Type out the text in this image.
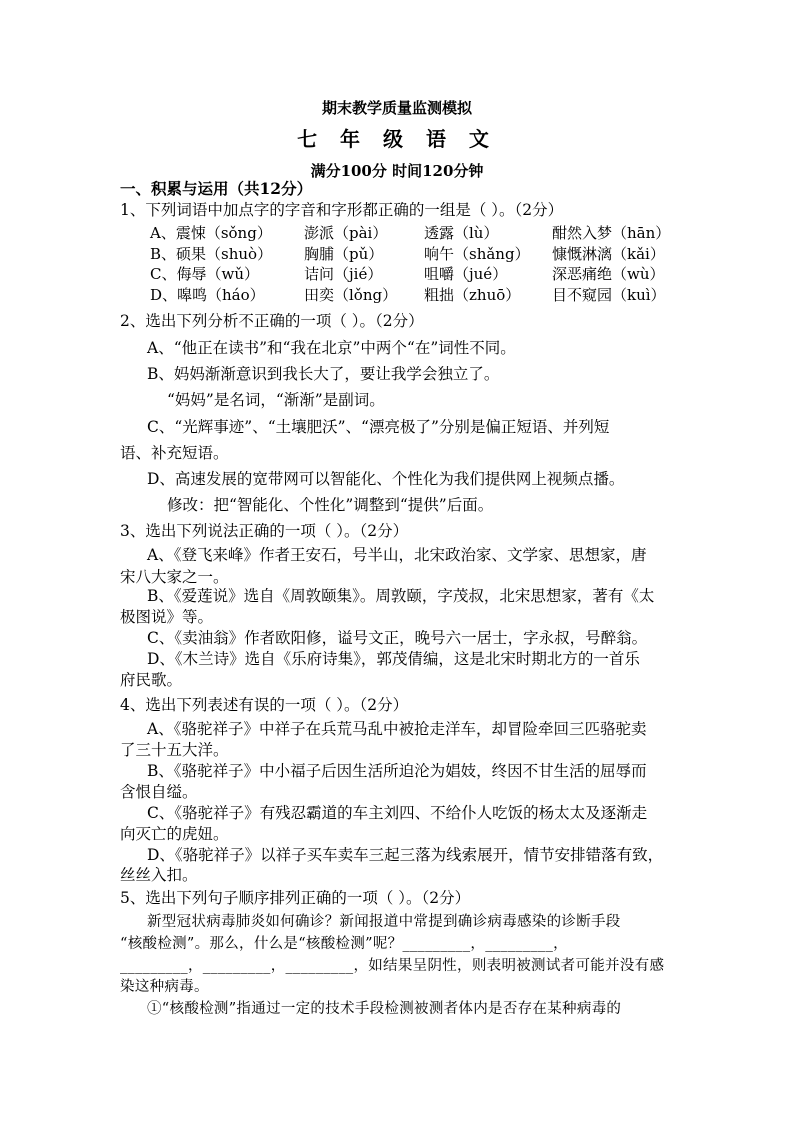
期末教学质量监测模拟
七 年 级 语 文
满分100分 时间120分钟
一、积累与运用（共12分）
1、下列词语中加点字的字音和字形都正确的一组是（ ）。（2分）
A、震悚（sǒng） 澎派（pài） 透露（lù）	酣然入梦（hān）
B、硕果（shuò） 胸脯（pǔ）	响午（shǎng） 慷慨淋漓（kǎi）
C、侮辱（wǔ）	诘问（jié）	咀嚼（jué）	深恶痛绝（wù）
D、嗥鸣（háo）	田奕（lǒng） 粗拙（zhuō） 目不窥园（kuì）
2、选出下列分析不正确的一项（ ）。（2分）
A、“他正在读书”和“我在北京”中两个“在”词性不同。
B、妈妈渐渐意识到我长大了，要让我学会独立了。
“妈妈”是名词，“渐渐”是副词。
C、“光辉事迹”、“土壤肥沃”、“漂亮极了”分别是偏正短语、并列短
语、补充短语。
D、高速发展的宽带网可以智能化、个性化为我们提供网上视频点播。
修改：把“智能化、个性化”调整到“提供”后面。
3、选出下列说法正确的一项（ ）。（2分）
A、《登飞来峰》作者王安石，号半山，北宋政治家、文学家、思想家，唐
宋八大家之一。
B、《爱莲说》选自《周敦颐集》。周敦颐，字茂叔，北宋思想家，著有《太
极图说》等。
C、《卖油翁》作者欧阳修，谥号文正，晚号六一居士，字永叔，号醉翁。
D、《木兰诗》选自《乐府诗集》，郭茂倩编，这是北宋时期北方的一首乐
府民歌。
4、选出下列表述有误的一项（ ）。（2分）
A、《骆驼祥子》中祥子在兵荒马乱中被抢走洋车，却冒险牵回三匹骆驼卖
了三十五大洋。
B、《骆驼祥子》中小福子后因生活所迫沦为娼妓，终因不甘生活的屈辱而
含恨自缢。
C、《骆驼祥子》有残忍霸道的车主刘四、不给仆人吃饭的杨太太及逐渐走
向灭亡的虎妞。
D、《骆驼祥子》以祥子买车卖车三起三落为线索展开，情节安排错落有致，
丝丝入扣。
5、选出下列句子顺序排列正确的一项（ ）。（2分）
新型冠状病毒肺炎如何确诊？新闻报道中常提到确诊病毒感染的诊断手段
“核酸检测”。那么，什么是“核酸检测”呢？_________，_________，
_________，_________，_________，如结果呈阴性，则表明被测试者可能并没有感
染这种病毒。
①“核酸检测”指通过一定的技术手段检测被测者体内是否存在某种病毒的
